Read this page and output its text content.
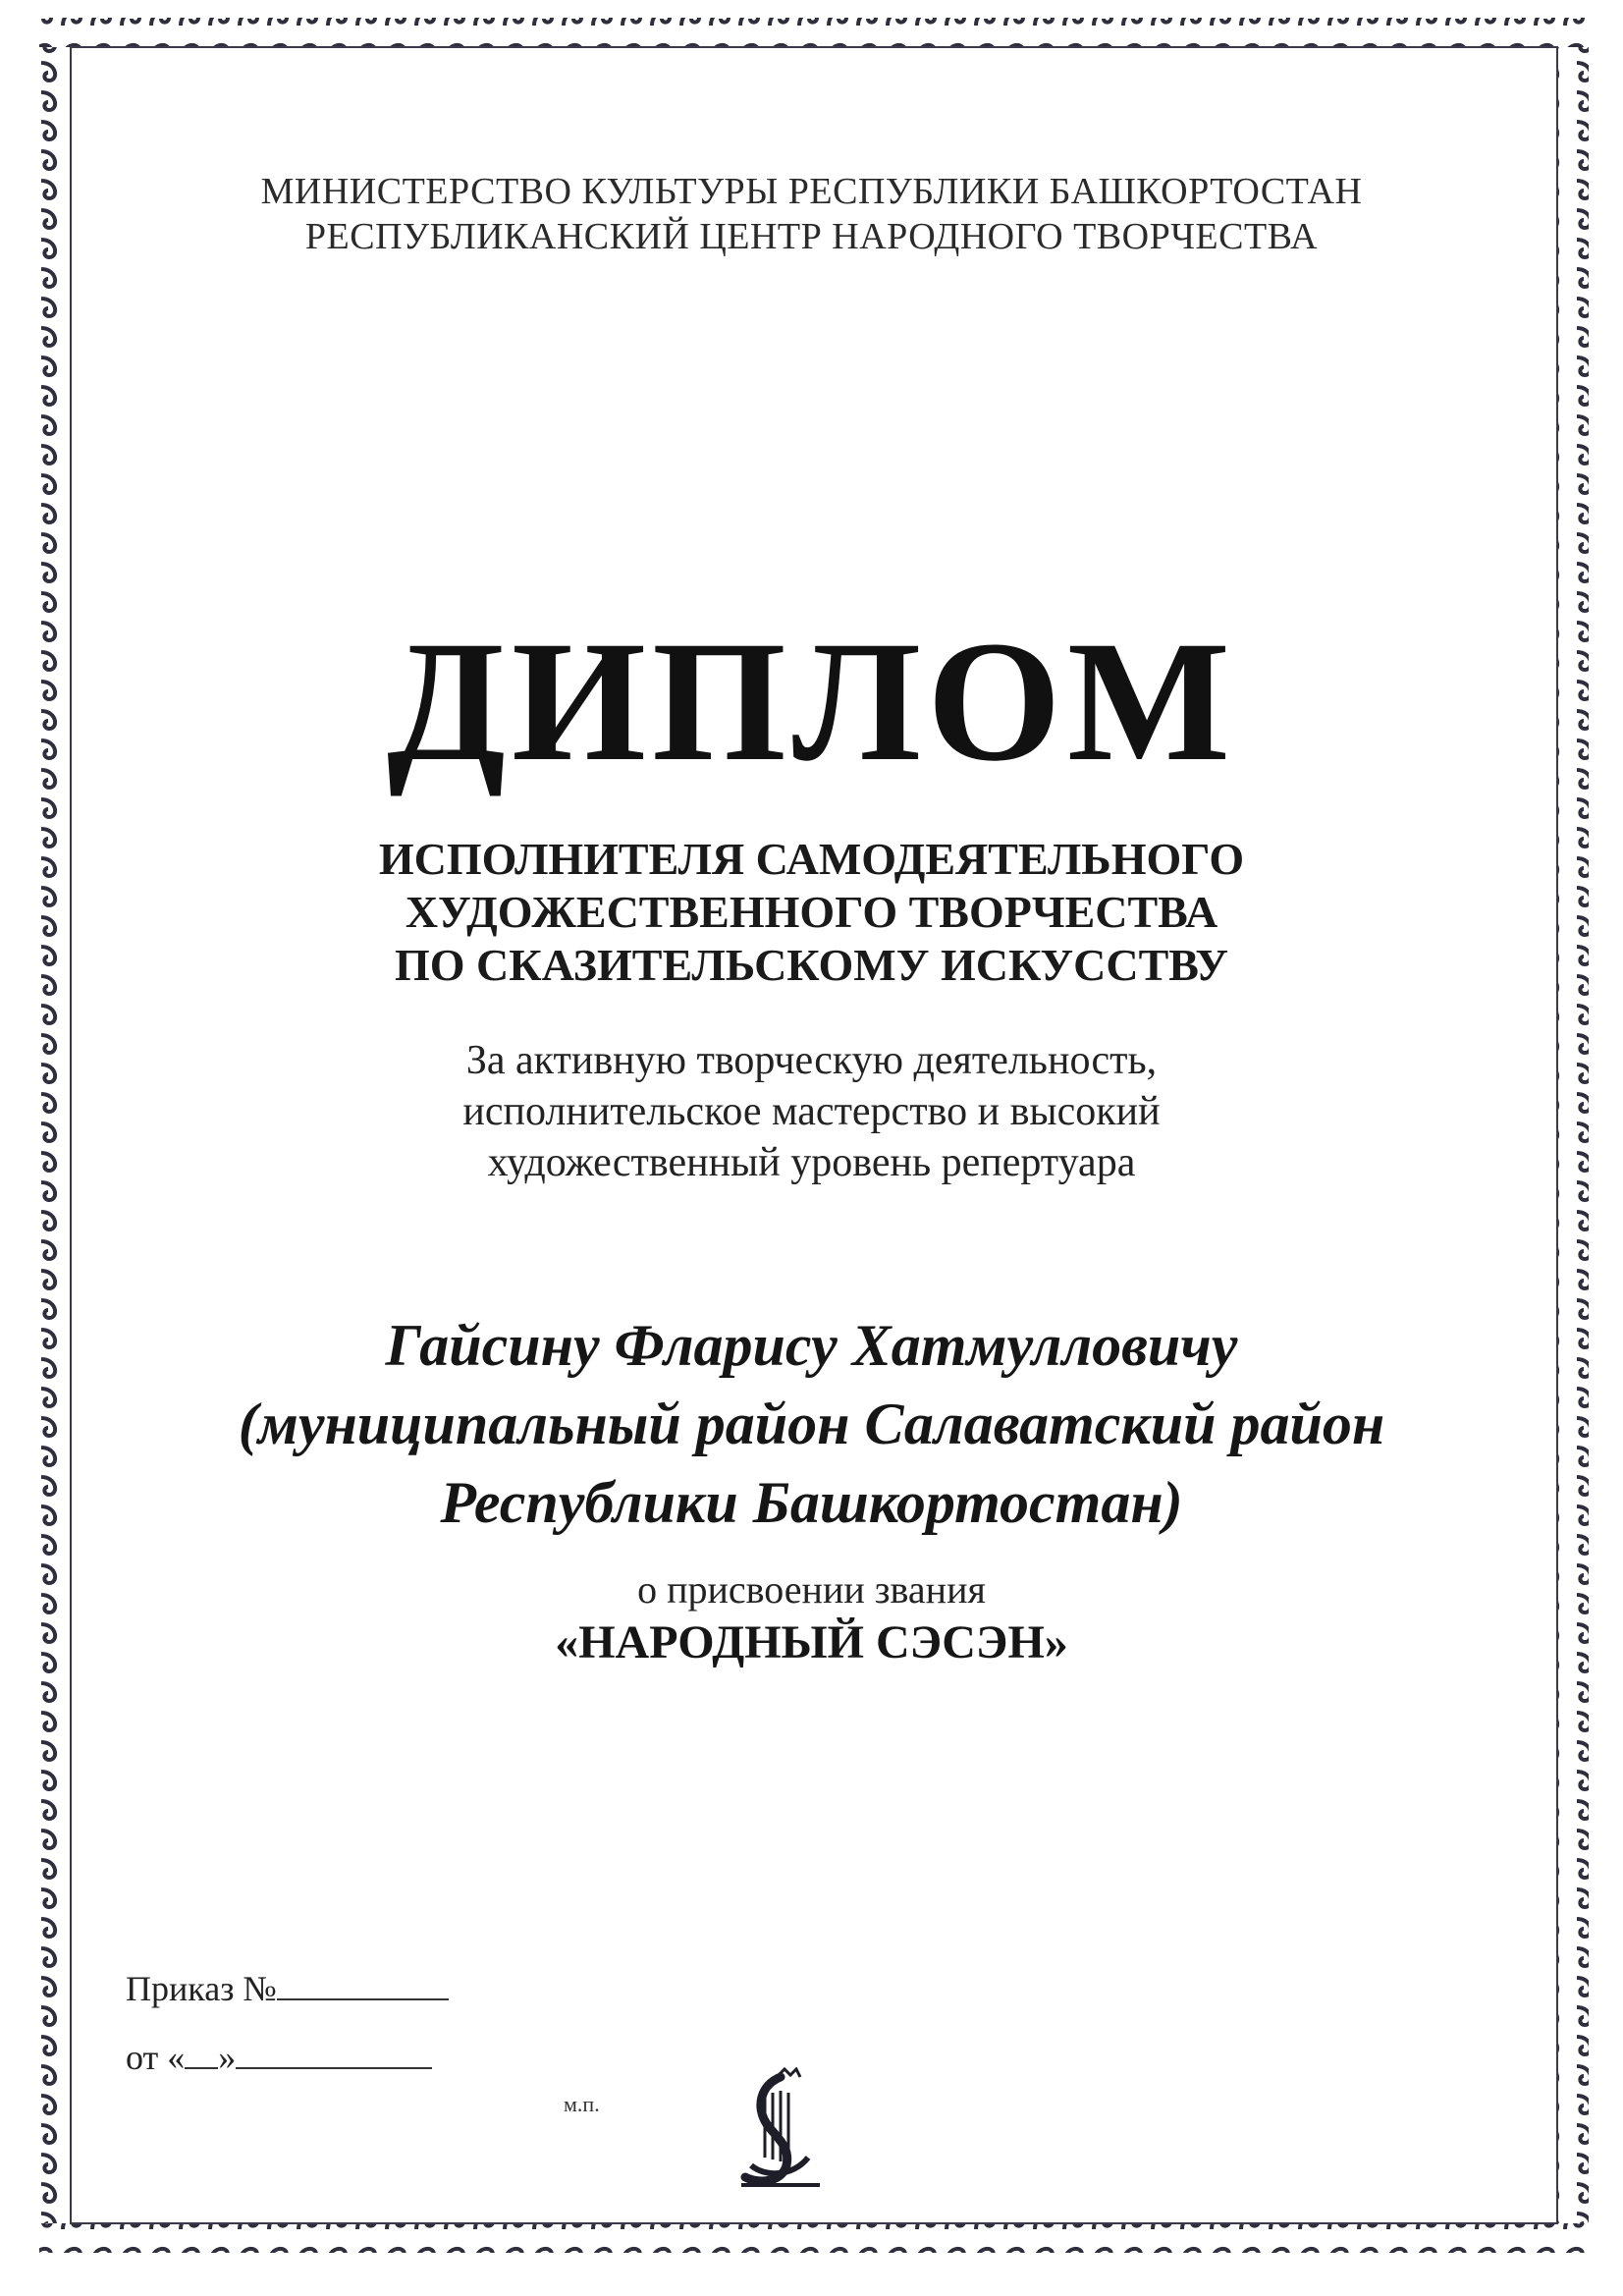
МИНИСТЕРСТВО КУЛЬТУРЫ РЕСПУБЛИКИ БАШКОРТОСТАН
РЕСПУБЛИКАНСКИЙ ЦЕНТР НАРОДНОГО ТВОРЧЕСТВА
ДИПЛОМ
ИСПОЛНИТЕЛЯ САМОДЕЯТЕЛЬНОГО
ХУДОЖЕСТВЕННОГО ТВОРЧЕСТВА
ПО СКАЗИТЕЛЬСКОМУ ИСКУССТВУ
За активную творческую деятельность,
исполнительское мастерство и высокий
художественный уровень репертуара
Гайсину Фларису Хатмулловичу
(муниципальный район Салаватский район
Республики Башкортостан)
о присвоении звания
«НАРОДНЫЙ СЭСЭН»
Приказ №
от « »
м.п.
